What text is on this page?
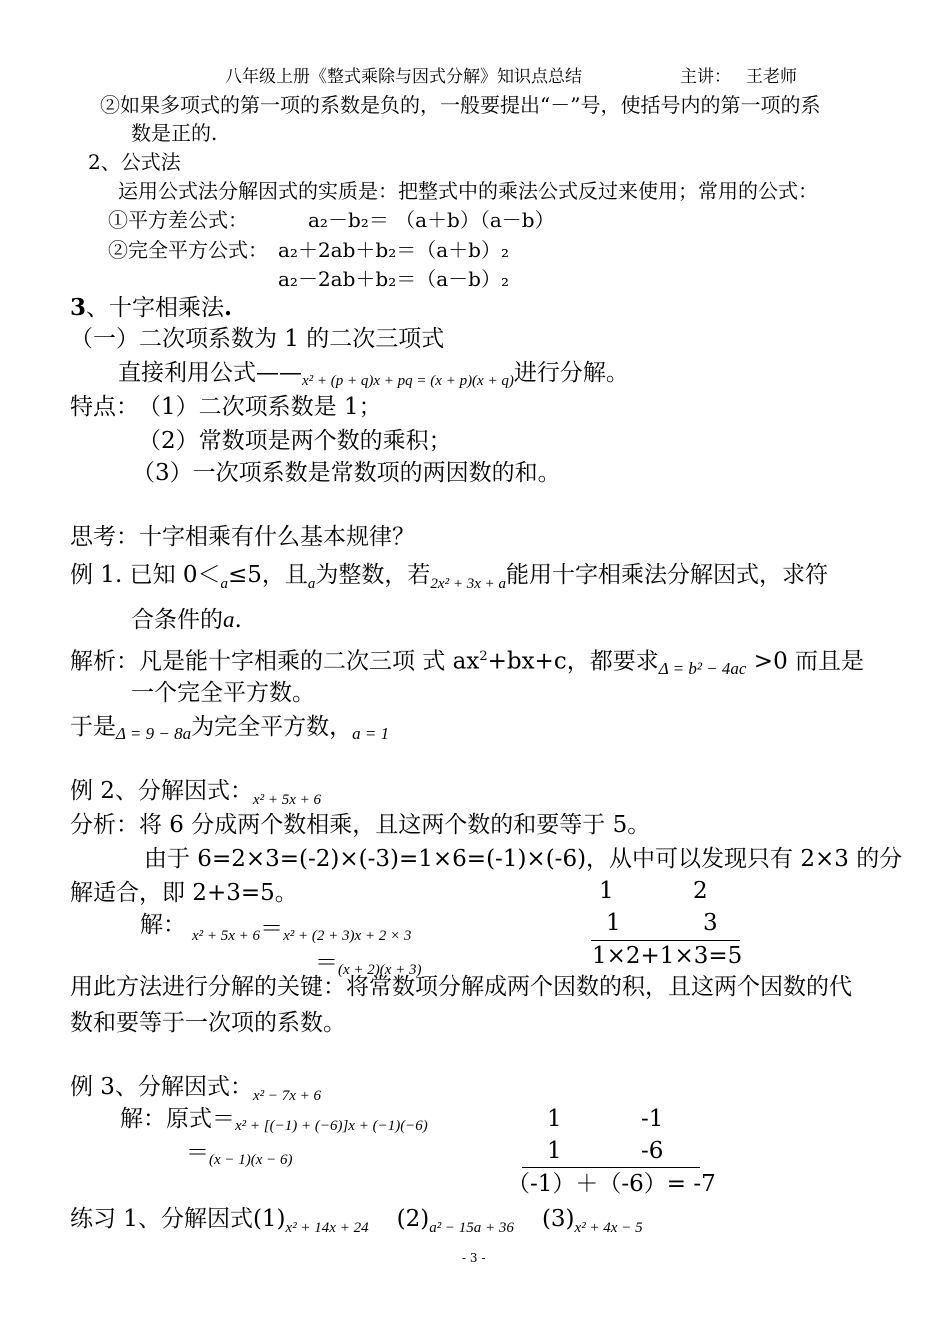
八年级上册《整式乘除与因式分解》知识点总结	主讲： 王老师
②如果多项式的第一项的系数是负的，一般要提出“－”号，使括号内的第一项的系
数是正的.
2、公式法
运用公式法分解因式的实质是：把整式中的乘法公式反过来使用；常用的公式：
①平方差公式：	a₂－b₂＝ （a＋b）（a－b）
②完全平方公式： a₂＋2ab＋b₂＝（a＋b）₂
a₂－2ab＋b₂＝（a－b）₂
3、十字相乘法.
（一）二次项系数为 1 的二次三项式
直接利用公式$——_{x^2 + (p + q)x + pq = (x + p)(x + q)}$进行分解。
特点： （1）二次项系数是 1；
（2）常数项是两个数的乘积；
（3）一次项系数是常数项的两因数的和。
思考：十字相乘有什么基本规律？
例 1. 已知 $0<_a\le 5$，且$_a$为整数，若$_{2x^2 + 3x + a}$能用十字相乘法分解因式，求符
合条件的a.
解析：凡是能十字相乘的二次三项 式 $ax^2+bx+c$，都要求$_{\Delta = b^2 - 4ac}$ >0 而且是
一个完全平方数。
于是$_{\Delta = 9 - 8a}$为完全平方数，$_{a = 1}$
例 2、分解因式：$_{x^2 + 5x + 6}$
分析：将 6 分成两个数相乘，且这两个数的和要等于 5。
由于 6=2×3=(-2)×(-3)=1×6=(-1)×(-6)，从中可以发现只有 2×3 的分
解适合，即 2+3=5。	1	2
1	3
1×2+1×3=5
解： x² + 5x + 6＝x² + (2 + 3)x + 2 × 3
＝(x + 2)(x + 3)
用此方法进行分解的关键：将常数项分解成两个因数的积，且这两个因数的代
数和要等于一次项的系数。
例 3、分解因式：$_{x^2 - 7x + 6}$
解：原式＝x² + [(−1) + (−6)]x + (−1)(−6)
＝(x − 1)(x − 6)
1	-1
1	-6
（-1）＋（-6）= -7
练习 1、分解因式$(1)_{x^2 + 14x + 24}$ $(2)_{a^2 - 15a + 36}$ $(3)_{x^2 + 4x - 5}$
- 3 -
